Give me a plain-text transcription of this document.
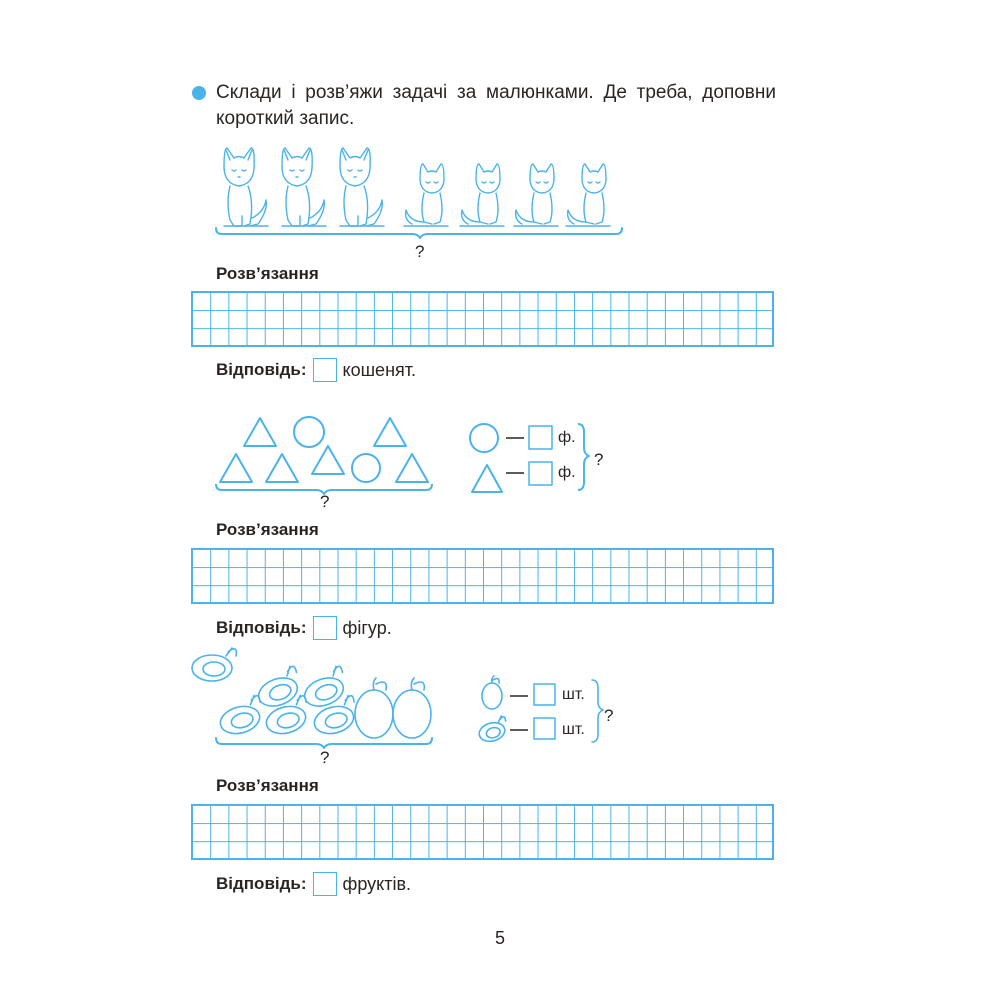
Склади і розв’яжи задачі за малюнками. Де треба, доповни
короткий запис.
?
Розв’язання
Відповідь: кошенят.
?
ф.
ф.
?
Розв’язання
Відповідь: фігур.
?
шт.
шт.
?
Розв’язання
Відповідь: фруктів.
5
